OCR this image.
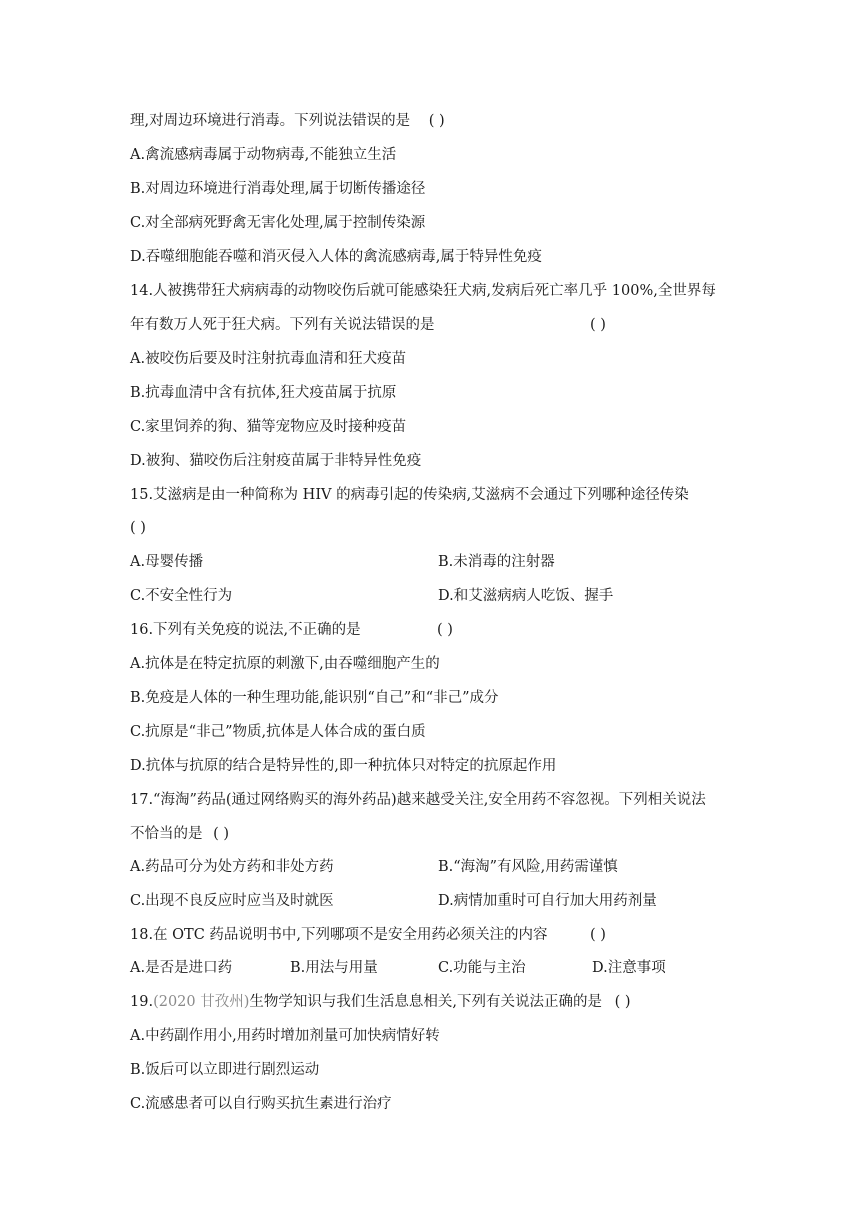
理,对周边环境进行消毒。下列说法错误的是 ( )
A.禽流感病毒属于动物病毒,不能独立生活
B.对周边环境进行消毒处理,属于切断传播途径
C.对全部病死野禽无害化处理,属于控制传染源
D.吞噬细胞能吞噬和消灭侵入人体的禽流感病毒,属于特异性免疫
14.人被携带狂犬病病毒的动物咬伤后就可能感染狂犬病,发病后死亡率几乎 100%,全世界每
年有数万人死于狂犬病。下列有关说法错误的是	( )
A.被咬伤后要及时注射抗毒血清和狂犬疫苗
B.抗毒血清中含有抗体,狂犬疫苗属于抗原
C.家里饲养的狗、猫等宠物应及时接种疫苗
D.被狗、猫咬伤后注射疫苗属于非特异性免疫
15.艾滋病是由一种简称为 HIV 的病毒引起的传染病,艾滋病不会通过下列哪种途径传染
( )
A.母婴传播	B.未消毒的注射器
C.不安全性行为	D.和艾滋病病人吃饭、握手
16.下列有关免疫的说法,不正确的是	( )
A.抗体是在特定抗原的刺激下,由吞噬细胞产生的
B.免疫是人体的一种生理功能,能识别“自己”和“非己”成分
C.抗原是“非己”物质,抗体是人体合成的蛋白质
D.抗体与抗原的结合是特异性的,即一种抗体只对特定的抗原起作用
17.“海淘”药品(通过网络购买的海外药品)越来越受关注,安全用药不容忽视。下列相关说法
不恰当的是 ( )
A.药品可分为处方药和非处方药	B.“海淘”有风险,用药需谨慎
C.出现不良反应时应当及时就医	D.病情加重时可自行加大用药剂量
18.在 OTC 药品说明书中,下列哪项不是安全用药必须关注的内容	( )
A.是否是进口药	B.用法与用量	C.功能与主治	D.注意事项
19.(2020 甘孜州)生物学知识与我们生活息息相关,下列有关说法正确的是 ( )
A.中药副作用小,用药时增加剂量可加快病情好转
B.饭后可以立即进行剧烈运动
C.流感患者可以自行购买抗生素进行治疗
